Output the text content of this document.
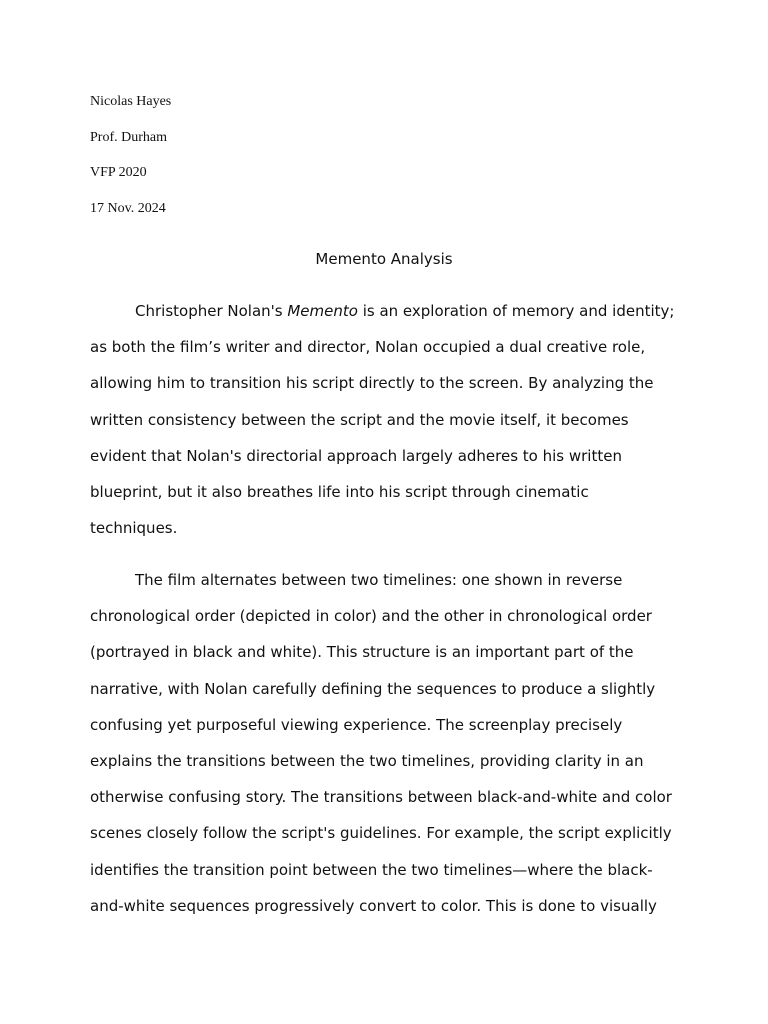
Nicolas Hayes
Prof. Durham
VFP 2020
17 Nov. 2024
Memento Analysis
Christopher Nolan's Memento is an exploration of memory and identity;
as both the film’s writer and director, Nolan occupied a dual creative role,
allowing him to transition his script directly to the screen. By analyzing the
written consistency between the script and the movie itself, it becomes
evident that Nolan's directorial approach largely adheres to his written
blueprint, but it also breathes life into his script through cinematic
techniques.
The film alternates between two timelines: one shown in reverse
chronological order (depicted in color) and the other in chronological order
(portrayed in black and white). This structure is an important part of the
narrative, with Nolan carefully defining the sequences to produce a slightly
confusing yet purposeful viewing experience. The screenplay precisely
explains the transitions between the two timelines, providing clarity in an
otherwise confusing story. The transitions between black-and-white and color
scenes closely follow the script's guidelines. For example, the script explicitly
identifies the transition point between the two timelines—where the black-
and-white sequences progressively convert to color. This is done to visually
